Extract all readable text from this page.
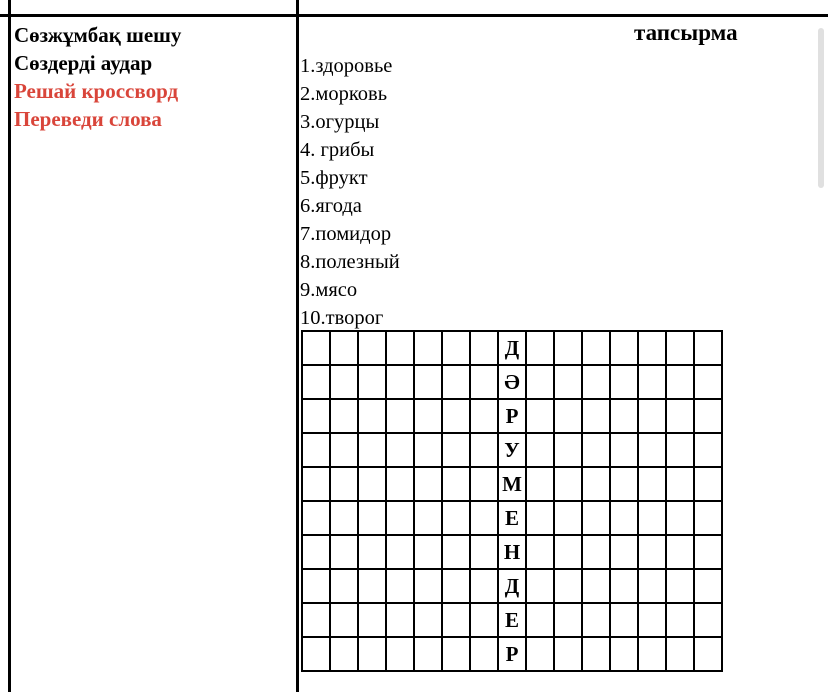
Сөзжұмбақ шешу
Сөздерді аудар
Решай кроссворд
Переведи слова
тапсырма
1.здоровье
2.морковь
3.огурцы
4. грибы
5.фрукт
6.ягода
7.помидор
8.полезный
9.мясо
10.творог
							Д							
							Ә							
							Р							
							У							
							М							
							Е							
							Н							
							Д							
							Е							
							Р							
